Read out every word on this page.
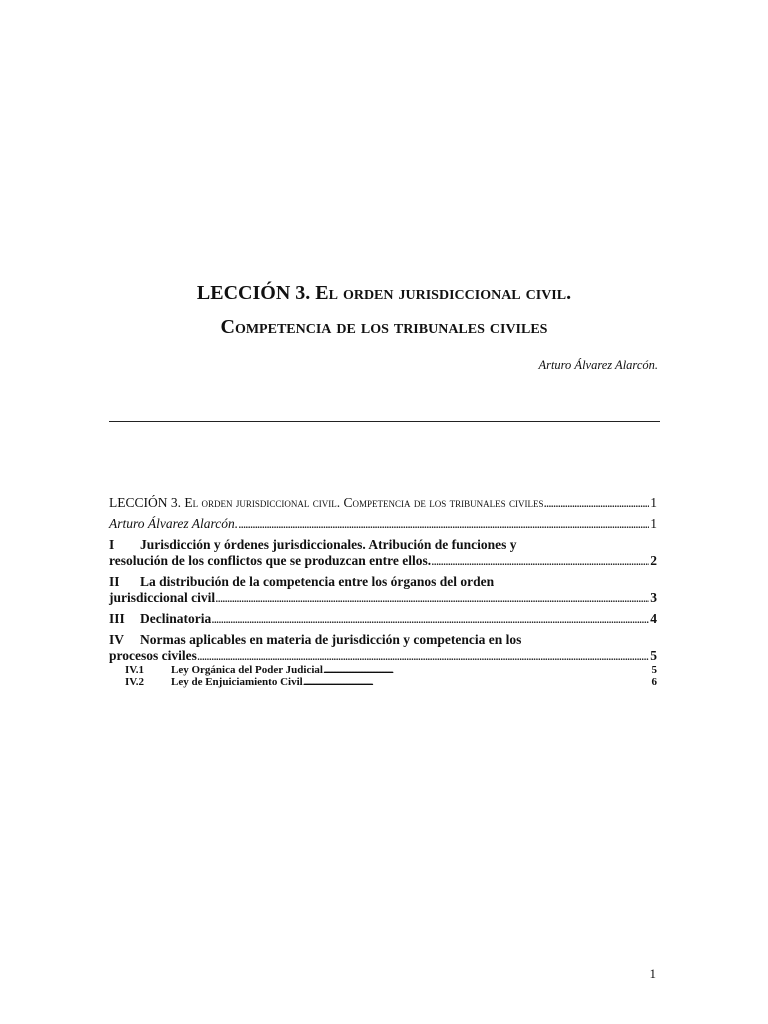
LECCIÓN 3. El orden jurisdiccional civil.
Competencia de los tribunales civiles
Arturo Álvarez Alarcón.
LECCIÓN 3. El orden jurisdiccional civil. Competencia de los tribunales civiles . . .	1
Arturo Álvarez Alarcón. . . .	1
I Jurisdicción y órdenes jurisdiccionales. Atribución de funciones y
resolución de los conflictos que se produzcan entre ellos. . . .	2
II La distribución de la competencia entre los órganos del orden
jurisdiccional civil . . .	3
III Declinatoria . . .	4
IV Normas aplicables en materia de jurisdicción y competencia en los
procesos civiles . . .	5
IV.1 Ley Orgánica del Poder Judicial . . .	5
IV.2 Ley de Enjuiciamiento Civil . . .	6
1
